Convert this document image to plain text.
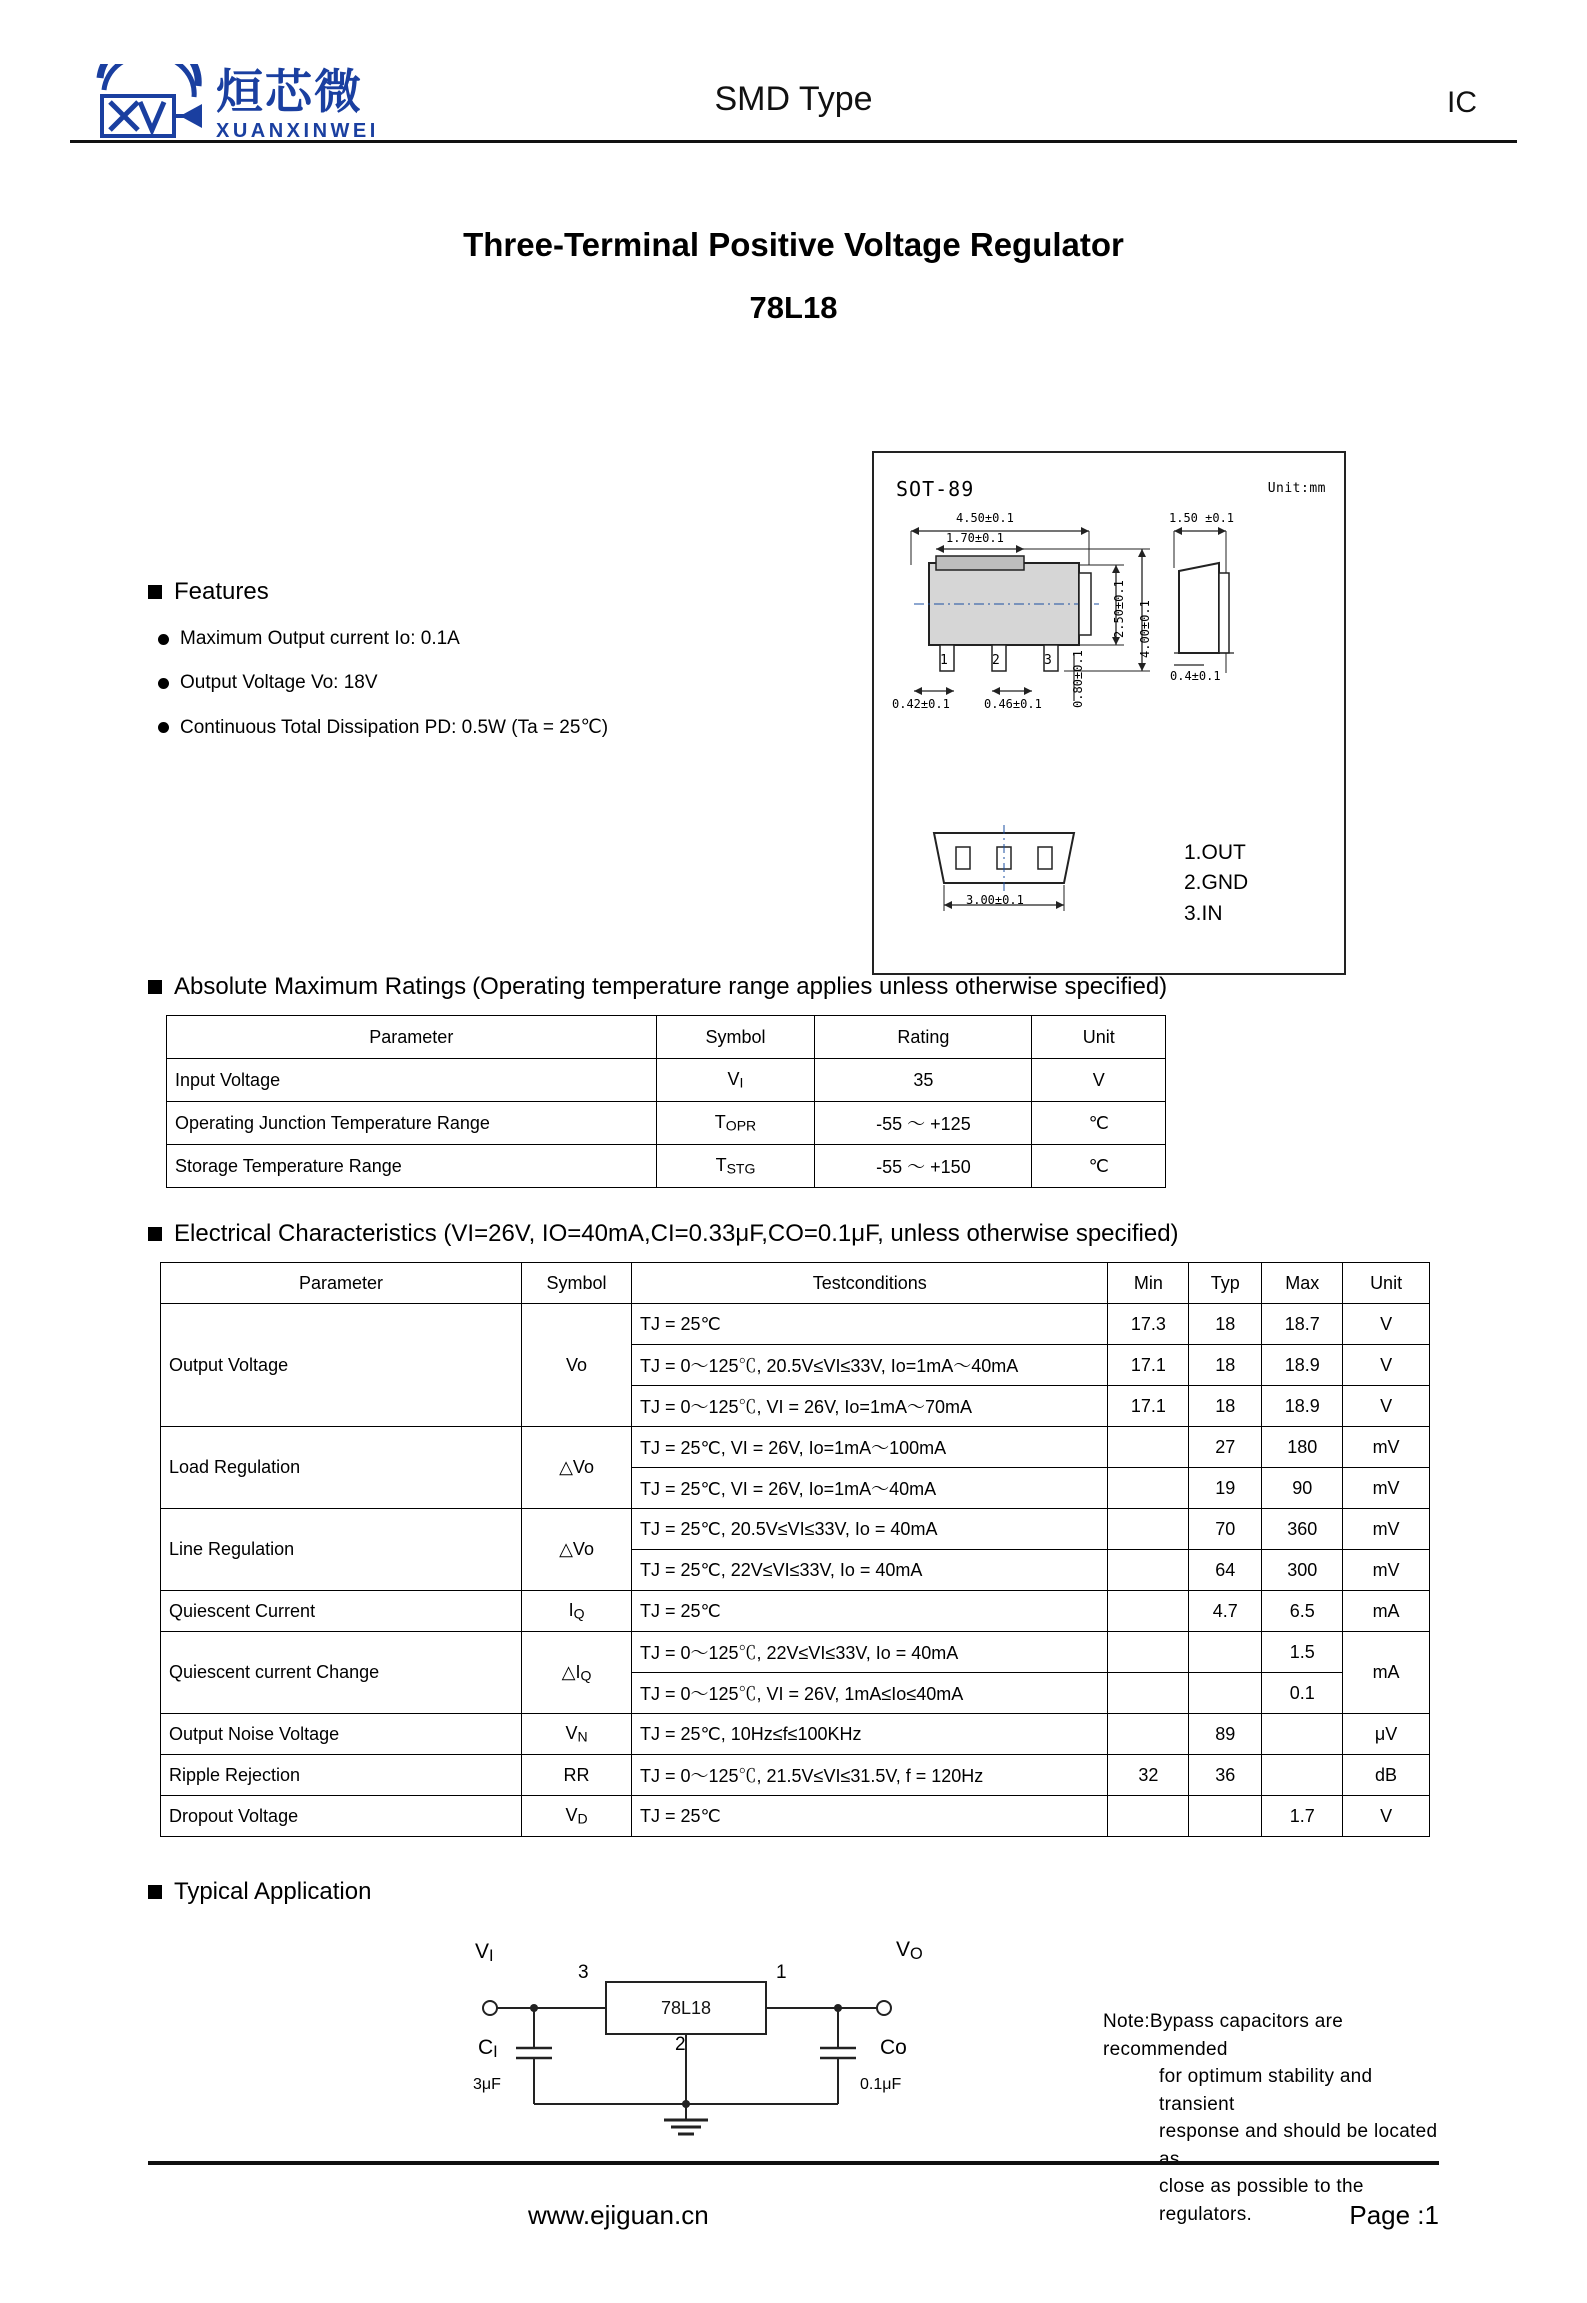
烜芯微
XUANXINWEI
SMD Type	IC
Three-Terminal Positive Voltage Regulator
78L18
Features
Maximum Output current Io: 0.1A
Output Voltage Vo: 18V
Continuous Total Dissipation PD: 0.5W (Ta = 25℃)
SOT-89	Unit:mm
4.50±0.1
1.70±0.1
0.42±0.1	0.46±0.1
2.50±0.1 4.00±0.1
0.80±0.1
1.50 ±0.1
0.4±0.1
3.00±0.1
1	2	3
1.OUT
2.GND
3.IN
Absolute Maximum Ratings (Operating temperature range applies unless otherwise specified)
Parameter	Symbol	Rating	Unit
Input Voltage	VI	35	V
Operating Junction Temperature Range	TOPR	-55 ～ +125	℃
Storage Temperature Range	TSTG	-55 ～ +150	℃
Electrical Characteristics (VI=26V, IO=40mA,CI=0.33μF,CO=0.1μF, unless otherwise specified)
Parameter	Symbol	Testconditions	Min	Typ	Max	Unit
Output Voltage	Vo	TJ = 25℃	17.3	18	18.7	V
		TJ = 0～125℃, 20.5V≤VI≤33V, Io=1mA～40mA	17.1	18	18.9	V
		TJ = 0～125℃, VI = 26V, Io=1mA～70mA	17.1	18	18.9	V
Load Regulation	△Vo	TJ = 25℃, VI = 26V, Io=1mA～100mA		27	180	mV
		TJ = 25℃, VI = 26V, Io=1mA～40mA		19	90	mV
Line Regulation	△Vo	TJ = 25℃, 20.5V≤VI≤33V, Io = 40mA		70	360	mV
		TJ = 25℃, 22V≤VI≤33V, Io = 40mA		64	300	mV
Quiescent Current	IQ	TJ = 25℃		4.7	6.5	mA
Quiescent current Change	△IQ	TJ = 0～125℃, 22V≤VI≤33V, Io = 40mA			1.5	mA
		TJ = 0～125℃, VI = 26V, 1mA≤Io≤40mA			0.1	
Output Noise Voltage	VN	TJ = 25℃, 10Hz≤f≤100KHz		89		μV
Ripple Rejection	RR	TJ = 0～125℃, 21.5V≤VI≤31.5V, f = 120Hz	32	36		dB
Dropout Voltage	VD	TJ = 25℃			1.7	V
Typical Application
78L18
VI	VO
3	1
2
CI
3μF
Co
0.1μF
Note:Bypass capacitors are recommended
for optimum stability and transient
response and should be located as
close as possible to the regulators.
www.ejiguan.cn	Page :1
